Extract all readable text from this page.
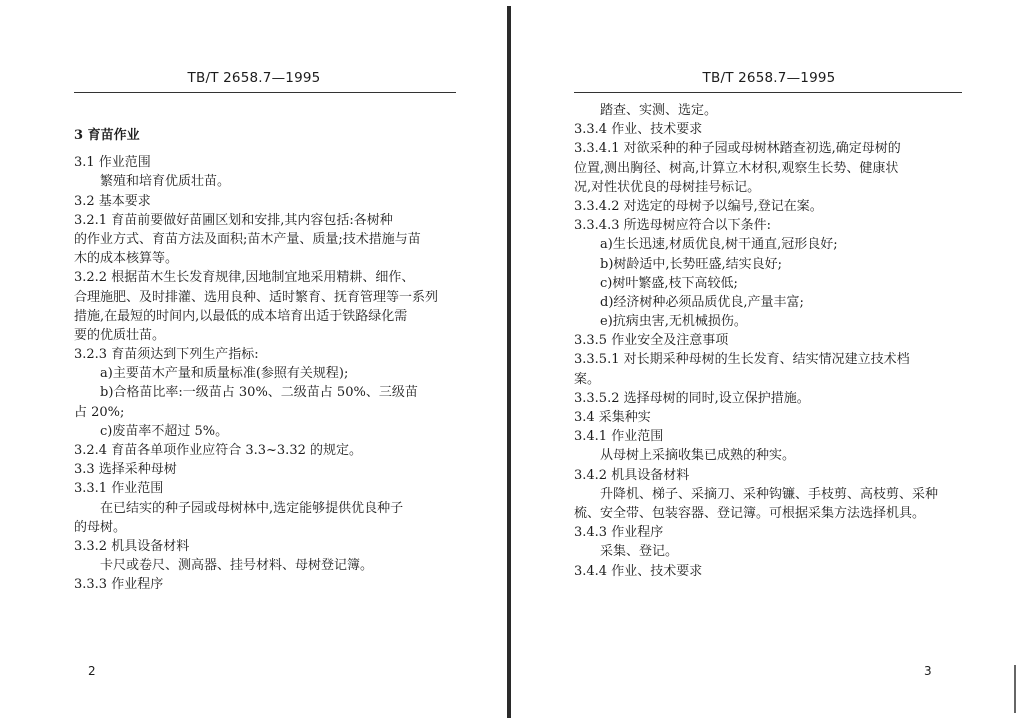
TB/T 2658.7—1995
3 育苗作业
3.1 作业范围
繁殖和培育优质壮苗。
3.2 基本要求
3.2.1 育苗前要做好苗圃区划和安排,其内容包括:各树种
的作业方式、育苗方法及面积;苗木产量、质量;技术措施与苗
木的成本核算等。
3.2.2 根据苗木生长发育规律,因地制宜地采用精耕、细作、
合理施肥、及时排灌、选用良种、适时繁育、抚育管理等一系列
措施,在最短的时间内,以最低的成本培育出适于铁路绿化需
要的优质壮苗。
3.2.3 育苗须达到下列生产指标:
a)主要苗木产量和质量标准(参照有关规程);
b)合格苗比率:一级苗占 30%、二级苗占 50%、三级苗
占 20%;
c)废苗率不超过 5%。
3.2.4 育苗各单项作业应符合 3.3~3.32 的规定。
3.3 选择采种母树
3.3.1 作业范围
在已结实的种子园或母树林中,选定能够提供优良种子
的母树。
3.3.2 机具设备材料
卡尺或卷尺、测高器、挂号材料、母树登记簿。
3.3.3 作业程序
2
TB/T 2658.7—1995
踏查、实测、选定。
3.3.4 作业、技术要求
3.3.4.1 对欲采种的种子园或母树林踏查初选,确定母树的
位置,测出胸径、树高,计算立木材积,观察生长势、健康状
况,对性状优良的母树挂号标记。
3.3.4.2 对选定的母树予以编号,登记在案。
3.3.4.3 所选母树应符合以下条件:
a)生长迅速,材质优良,树干通直,冠形良好;
b)树龄适中,长势旺盛,结实良好;
c)树叶繁盛,枝下高较低;
d)经济树种必须品质优良,产量丰富;
e)抗病虫害,无机械损伤。
3.3.5 作业安全及注意事项
3.3.5.1 对长期采种母树的生长发育、结实情况建立技术档
案。
3.3.5.2 选择母树的同时,设立保护措施。
3.4 采集种实
3.4.1 作业范围
从母树上采摘收集已成熟的种实。
3.4.2 机具设备材料
升降机、梯子、采摘刀、采种钩镰、手枝剪、高枝剪、采种
梳、安全带、包装容器、登记簿。可根据采集方法选择机具。
3.4.3 作业程序
采集、登记。
3.4.4 作业、技术要求
3
